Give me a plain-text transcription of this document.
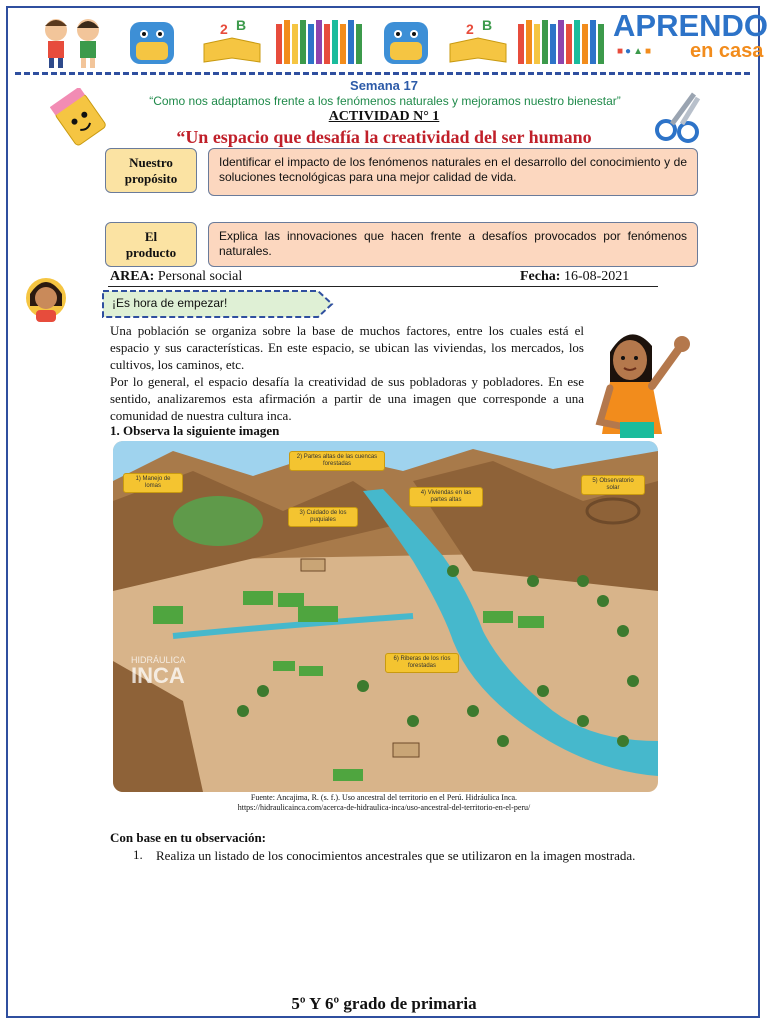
2 B	2 B	APRENDO
■●▲■ en casa
Semana 17
“Como nos adaptamos frente a los fenómenos naturales y mejoramos nuestro bienestar”
ACTIVIDAD N° 1
“Un espacio que desafía la creatividad del ser humano
Nuestro
propósito
Identificar el impacto de los fenómenos naturales en el desarrollo del conocimiento y de soluciones tecnológicas para una mejor calidad de vida.
El
producto
Explica las innovaciones que hacen frente a desafíos provocados por fenómenos naturales.
AREA: Personal social	Fecha: 16-08-2021
¡Es hora de empezar!
Una población se organiza sobre la base de muchos factores, entre los cuales está el espacio y sus características. En este espacio, se ubican las viviendas, los mercados, los cultivos, los caminos, etc.
Por lo general, el espacio desafía la creatividad de sus pobladoras y pobladores. En ese sentido, analizaremos esta afirmación a partir de una imagen que corresponde a una comunidad de nuestra cultura inca.
1. Observa la siguiente imagen
HIDRÁULICA
INCA
1) Manejo de lomas
2) Partes altas de las cuencas forestadas
3) Cuidado de los puquiales
4) Viviendas en las partes altas
5) Observatorio solar
6) Riberas de los ríos forestadas
Fuente: Ancajima, R. (s. f.). Uso ancestral del territorio en el Perú. Hidráulica Inca.
https://hidraulicainca.com/acerca-de-hidraulica-inca/uso-ancestral-del-territorio-en-el-peru/
Con base en tu observación:
1. Realiza un listado de los conocimientos ancestrales que se utilizaron en la imagen mostrada.
5º Y 6º grado de primaria
